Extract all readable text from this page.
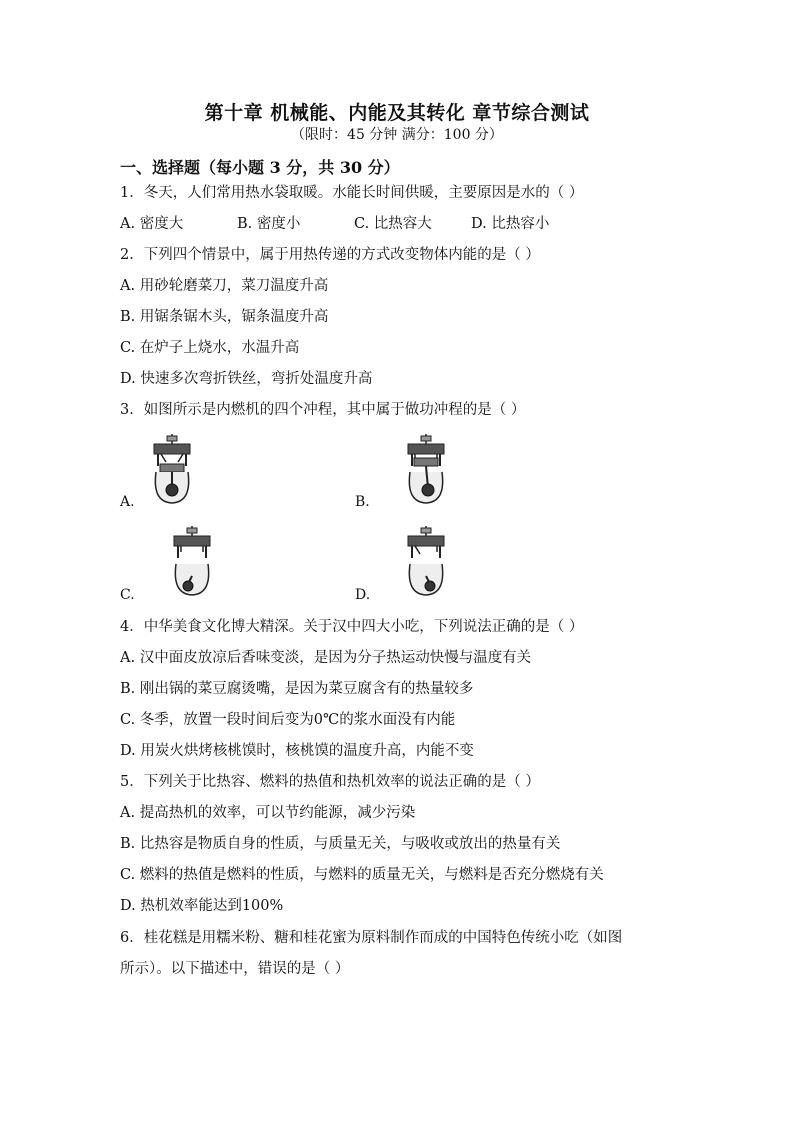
第十章 机械能、内能及其转化 章节综合测试
（限时：45 分钟 满分：100 分）
一、选择题（每小题 3 分，共 30 分）
1．冬天，人们常用热水袋取暖。水能长时间供暖，主要原因是水的（ ）
A. 密度大	B. 密度小	C. 比热容大	D. 比热容小
2．下列四个情景中，属于用热传递的方式改变物体内能的是（ ）
A. 用砂轮磨菜刀，菜刀温度升高
B. 用锯条锯木头，锯条温度升高
C. 在炉子上烧水，水温升高
D. 快速多次弯折铁丝，弯折处温度升高
3．如图所示是内燃机的四个冲程，其中属于做功冲程的是（ ）
A.	B.
C.	D.
4．中华美食文化博大精深。关于汉中四大小吃，下列说法正确的是（ ）
A. 汉中面皮放凉后香味变淡，是因为分子热运动快慢与温度有关
B. 刚出锅的菜豆腐烫嘴，是因为菜豆腐含有的热量较多
C. 冬季，放置一段时间后变为0℃的浆水面没有内能
D. 用炭火烘烤核桃馍时，核桃馍的温度升高，内能不变
5．下列关于比热容、燃料的热值和热机效率的说法正确的是（ ）
A. 提高热机的效率，可以节约能源，减少污染
B. 比热容是物质自身的性质，与质量无关，与吸收或放出的热量有关
C. 燃料的热值是燃料的性质，与燃料的质量无关，与燃料是否充分燃烧有关
D. 热机效率能达到100%
6．桂花糕是用糯米粉、糖和桂花蜜为原料制作而成的中国特色传统小吃（如图
所示）。以下描述中，错误的是（ ）
